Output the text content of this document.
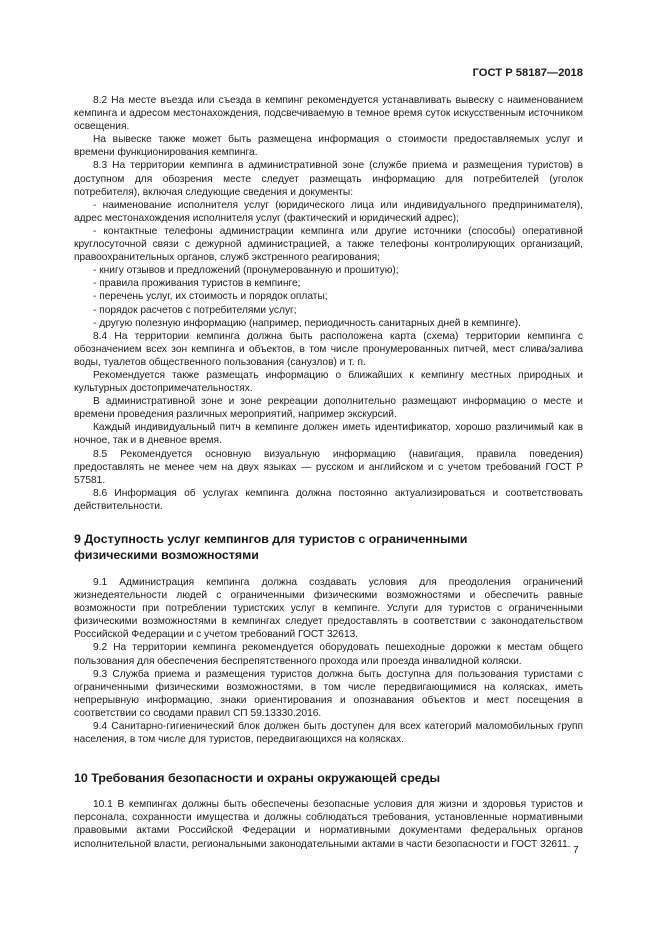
ГОСТ Р 58187—2018

8.2 На месте въезда или съезда в кемпинг рекомендуется устанавливать вывеску с наименованием кемпинга и адресом местонахождения, подсвечиваемую в темное время суток искусственным источником освещения.

На вывеске также может быть размещена информация о стоимости предоставляемых услуг и времени функционирования кемпинга.

8.3 На территории кемпинга в административной зоне (службе приема и размещения туристов) в доступном для обозрения месте следует размещать информацию для потребителей (уголок потребителя), включая следующие сведения и документы:

- наименование исполнителя услуг (юридического лица или индивидуального предпринимателя), адрес местонахождения исполнителя услуг (фактический и юридический адрес);

- контактные телефоны администрации кемпинга или другие источники (способы) оперативной круглосуточной связи с дежурной администрацией, а также телефоны контролирующих организаций, правоохранительных органов, служб экстренного реагирования;

- книгу отзывов и предложений (пронумерованную и прошитую);

- правила проживания туристов в кемпинге;

- перечень услуг, их стоимость и порядок оплаты;

- порядок расчетов с потребителями услуг;

- другую полезную информацию (например, периодичность санитарных дней в кемпинге).

8.4 На территории кемпинга должна быть расположена карта (схема) территории кемпинга с обозначением всех зон кемпинга и объектов, в том числе пронумерованных питчей, мест слива/залива воды, туалетов общественного пользования (санузлов) и т. п.

Рекомендуется также размещать информацию о ближайших к кемпингу местных природных и культурных достопримечательностях.

В административной зоне и зоне рекреации дополнительно размещают информацию о месте и времени проведения различных мероприятий, например экскурсий.

Каждый индивидуальный питч в кемпинге должен иметь идентификатор, хорошо различимый как в ночное, так и в дневное время.

8.5 Рекомендуется основную визуальную информацию (навигация, правила поведения) предоставлять не менее чем на двух языках — русском и английском и с учетом требований ГОСТ Р 57581.

8.6 Информация об услугах кемпинга должна постоянно актуализироваться и соответствовать действительности.

9 Доступность услуг кемпингов для туристов с ограниченными
физическими возможностями

9.1 Администрация кемпинга должна создавать условия для преодоления ограничений жизнедеятельности людей с ограниченными физическими возможностями и обеспечить равные возможности при потреблении туристских услуг в кемпинге. Услуги для туристов с ограниченными физическими возможностями в кемпингах следует предоставлять в соответствии с законодательством Российской Федерации и с учетом требований ГОСТ 32613.

9.2 На территории кемпинга рекомендуется оборудовать пешеходные дорожки к местам общего пользования для обеспечения беспрепятственного прохода или проезда инвалидной коляски.

9.3 Служба приема и размещения туристов должна быть доступна для пользования туристами с ограниченными физическими возможностями, в том числе передвигающимися на колясках, иметь непрерывную информацию, знаки ориентирования и опознавания объектов и мест посещения в соответствии со сводами правил СП 59.13330.2016.

9.4 Санитарно-гигиенический блок должен быть доступен для всех категорий маломобильных групп населения, в том числе для туристов, передвигающихся на колясках.

10 Требования безопасности и охраны окружающей среды

10.1 В кемпингах должны быть обеспечены безопасные условия для жизни и здоровья туристов и персонала, сохранности имущества и должны соблюдаться требования, установленные нормативными правовыми актами Российской Федерации и нормативными документами федеральных органов исполнительной власти, региональными законодательными актами в части безопасности и ГОСТ 32611.

7
